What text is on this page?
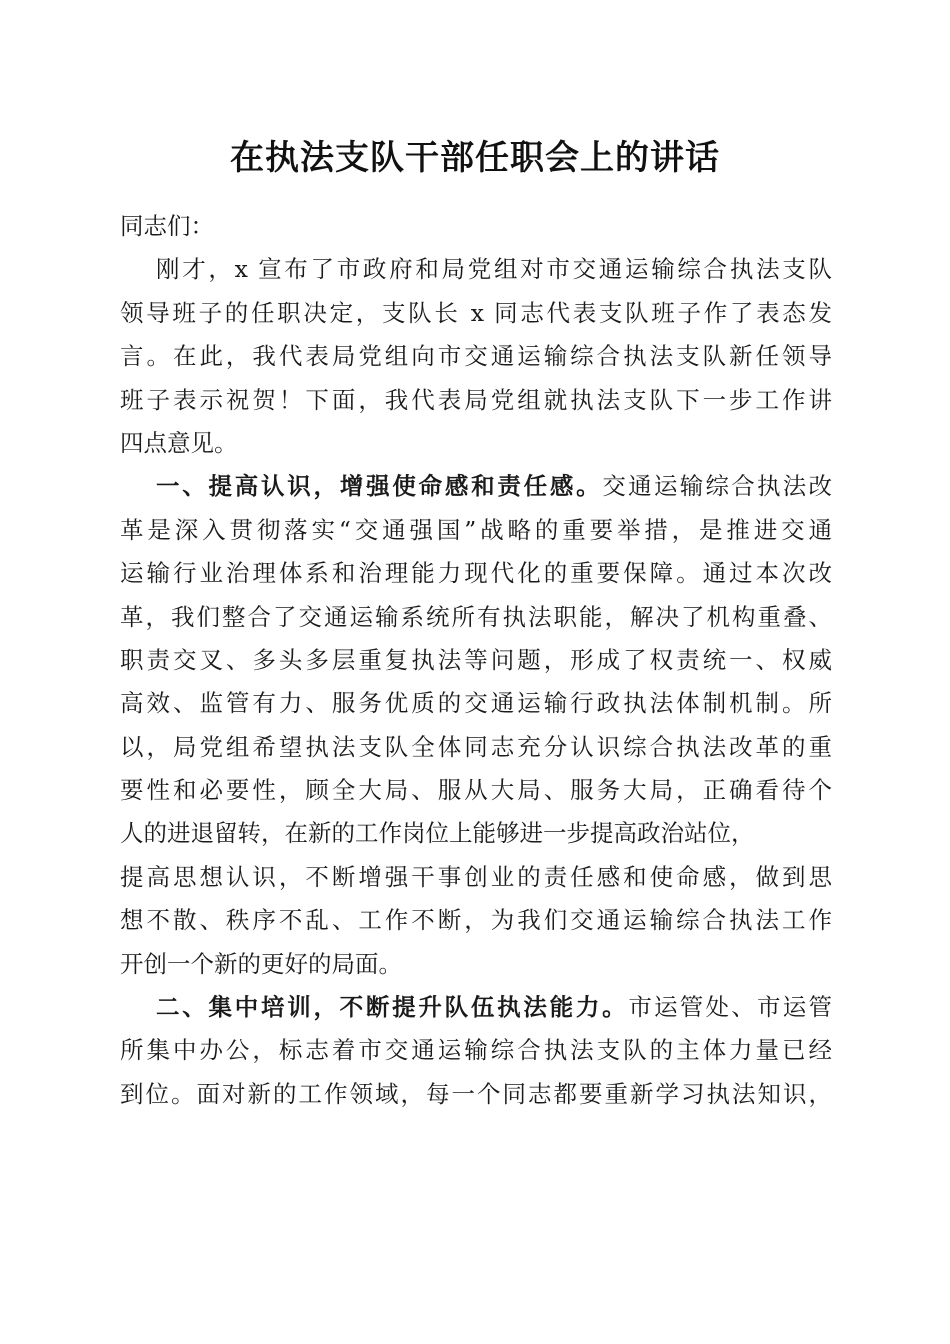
在执法支队干部任职会上的讲话
同志们：
刚才，x 宣布了市政府和局党组对市交通运输综合执法支队
领导班子的任职决定，支队长 x 同志代表支队班子作了表态发
言。在此，我代表局党组向市交通运输综合执法支队新任领导
班子表示祝贺！下面，我代表局党组就执法支队下一步工作讲
四点意见。
一、提高认识，增强使命感和责任感。交通运输综合执法改
革是深入贯彻落实“交通强国”战略的重要举措，是推进交通
运输行业治理体系和治理能力现代化的重要保障。通过本次改
革，我们整合了交通运输系统所有执法职能，解决了机构重叠、
职责交叉、多头多层重复执法等问题，形成了权责统一、权威
高效、监管有力、服务优质的交通运输行政执法体制机制。所
以，局党组希望执法支队全体同志充分认识综合执法改革的重
要性和必要性，顾全大局、服从大局、服务大局，正确看待个
人的进退留转，在新的工作岗位上能够进一步提高政治站位，
提高思想认识，不断增强干事创业的责任感和使命感，做到思
想不散、秩序不乱、工作不断，为我们交通运输综合执法工作
开创一个新的更好的局面。
二、集中培训，不断提升队伍执法能力。市运管处、市运管
所集中办公，标志着市交通运输综合执法支队的主体力量已经
到位。面对新的工作领域，每一个同志都要重新学习执法知识，
